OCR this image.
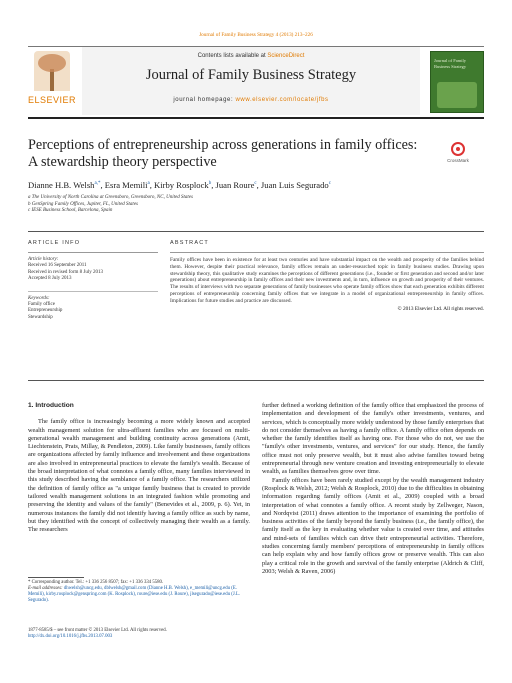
Journal of Family Business Strategy 4 (2013) 213–226
ELSEVIER
Contents lists available at ScienceDirect
Journal of Family Business Strategy
journal homepage: www.elsevier.com/locate/jfbs
Journal of Family Business Strategy
Perceptions of entrepreneurship across generations in family offices: A stewardship theory perspective	CrossMark
Dianne H.B. Welsh$^{a,*}$, Esra Memili$^a$, Kirby Rosplock$^b$, Juan Roure$^c$, Juan Luis Segurado$^c$
a The University of North Carolina at Greensboro, Greensboro, NC, United States
b GenSpring Family Offices, Jupiter, FL, United States
c IESE Business School, Barcelona, Spain
ARTICLE INFO
Article history:
Received 16 September 2011
Received in revised form 8 July 2013
Accepted 8 July 2013
Keywords:
Family office
Entrepreneurship
Stewardship
ABSTRACT
Family offices have been in existence for at least two centuries and have substantial impact on the wealth and prosperity of the families behind them. However, despite their practical relevance, family offices remain an under-researched topic in family business studies. Drawing upon stewardship theory, this qualitative study examines the perceptions of different generations (i.e., founder or first generation and second and/or later generations) about entrepreneurship in family offices and their new investments and, in turn, influence on growth and prosperity of their ventures. The results of interviews with two separate generations of family businesses who operate family offices show that each generation exhibits different perceptions of entrepreneurship concerning family offices that we integrate in a model of organizational entrepreneurship in family offices. Implications for future studies and practice are discussed.
© 2013 Elsevier Ltd. All rights reserved.
1. Introduction

The family office is increasingly becoming a more widely known and accepted wealth management solution for ultra-affluent families who are focused on multi-generational wealth management and building continuity across generations (Amit, Liechtenstein, Prats, Millay, & Pendleton, 2009). Like family businesses, family offices are organizations affected by family influence and involvement and these organizations are also involved in entrepreneurial practices to elevate the family's wealth. Because of the broad interpretation of what connotes a family office, many families interviewed in this study described having the semblance of a family office. The researchers utilized the definition of family office as "a unique family business that is created to provide tailored wealth management solutions in an integrated fashion while promoting and preserving the identity and values of the family" (Benevides et al., 2009, p. 6). Yet, in numerous instances the family did not identify having a family office as such by name, but they identified with the concept of collectively managing their wealth as a family. The researchers

further defined a working definition of the family office that emphasized the process of implementation and development of the family's other investments, ventures, and services, which is conceptually more widely understood by those family enterprises that do not consider themselves as having a family office. A family office often depends on whether the family identifies itself as having one. For those who do not, we use the "family's other investments, ventures, and services" for our study. Hence, the family office must not only preserve wealth, but it must also advise families toward being entrepreneurial through new venture creation and investing entrepreneurially to elevate wealth, as families themselves grow over time.

Family offices have been rarely studied except by the wealth management industry (Rosplock & Welsh, 2012; Welsh & Rosplock, 2010) due to the difficulties in obtaining information regarding family offices (Amit et al., 2009) coupled with a broad interpretation of what connotes a family office. A recent study by Zellweger, Nason, and Nordqvist (2011) draws attention to the importance of examining the portfolio of business activities of the family beyond the family business (i.e., the family office), the family itself as the key in evaluating whether value is created over time, and attitudes and mind-sets of families which can drive their entrepreneurial activities. Therefore, studies concerning family members' perceptions of entrepreneurship in family offices can help explain why and how family offices grow or preserve wealth. This can also play a critical role in the growth and survival of the family enterprise (Aldrich & Cliff, 2003; Welsh & Raven, 2006)

* Corresponding author. Tel.: +1 336 256 8507; fax: +1 336 334 5580.
E-mail addresses: dhwelsh@uncg.edu, dblwelsh@gmail.com (Dianne H.B. Welsh), e_memili@uncg.edu (E. Memili), kirby.rosplock@genspring.com (K. Rosplock), roure@iese.edu (J. Roure), jlsegurado@iese.edu (J.L. Segurado).
1877-8585/$ – see front matter © 2013 Elsevier Ltd. All rights reserved.
http://dx.doi.org/10.1016/j.jfbs.2013.07.003
